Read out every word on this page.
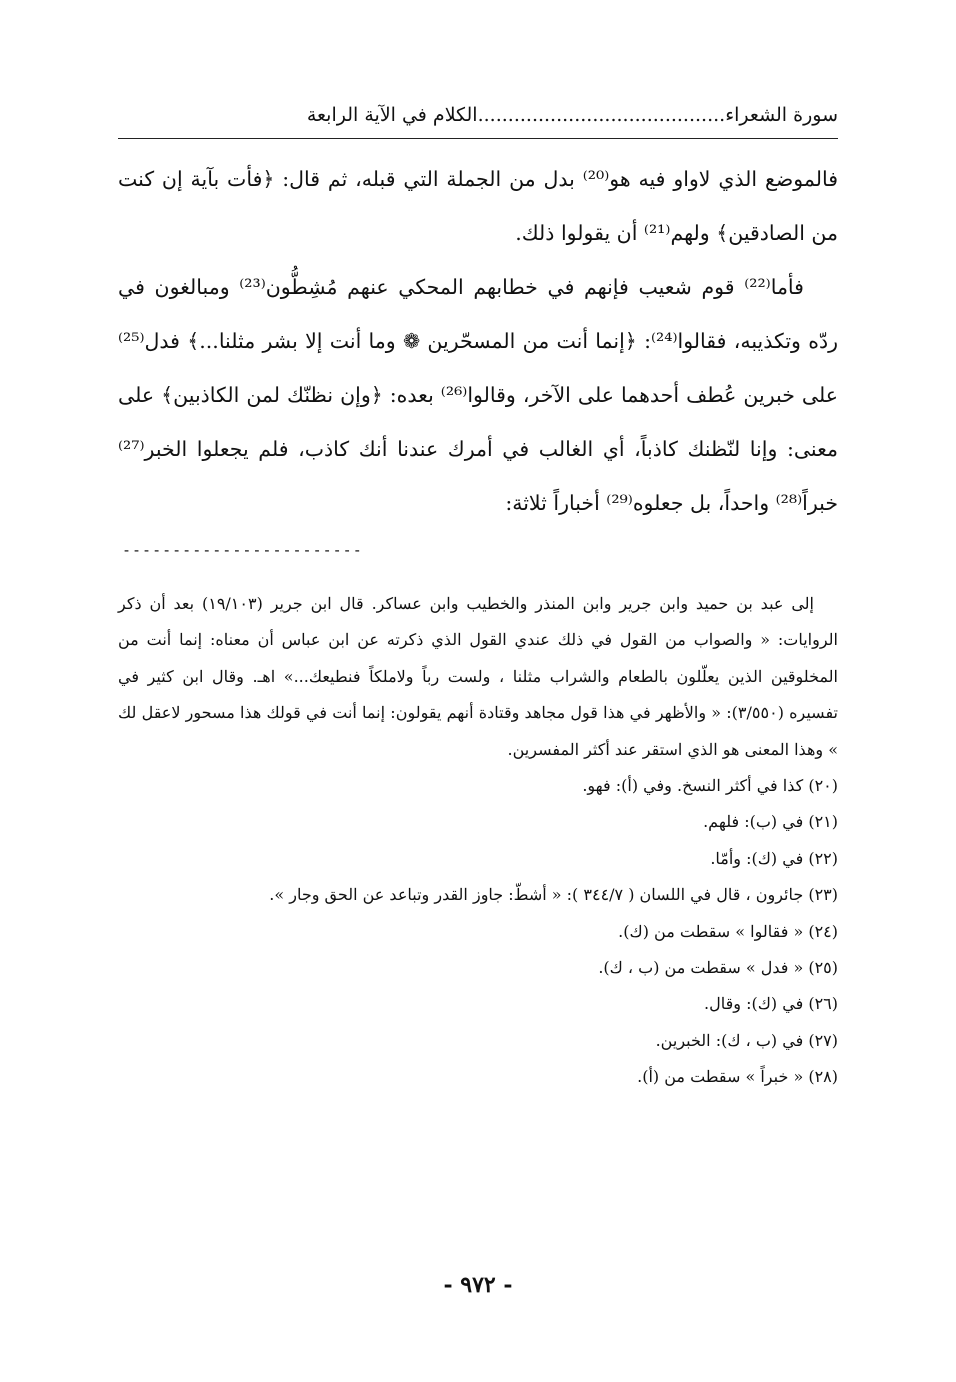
سورة الشعراء.........................................الكلام في الآية الرابعة

فالموضع الذي لاواو فيه هو⁽²⁰⁾ بدل من الجملة التي قبله، ثم قال: ﴿فأت بآية إن كنت من الصادقين﴾ ولهم⁽²¹⁾ أن يقولوا ذلك.

فأما⁽²²⁾ قوم شعيب فإنهم في خطابهم المحكي عنهم مُشِطُّون⁽²³⁾ ومبالغون في ردّه وتكذيبه، فقالوا⁽²⁴⁾: ﴿إنما أنت من المسحّرين ❁ وما أنت إلا بشر مثلنا...﴾ فدل⁽²⁵⁾ على خبرين عُطف أحدهما على الآخر، وقالوا⁽²⁶⁾ بعده: ﴿وإن نظنّك لمن الكاذبين﴾ على معنى: وإنا لنّظنك كاذباً، أي الغالب في أمرك عندنا أنك كاذب، فلم يجعلوا الخبر⁽²⁷⁾ خبراً⁽²⁸⁾ واحداً، بل جعلوه⁽²⁹⁾ أخباراً ثلاثة:

------------------------

إلى عبد بن حميد وابن جرير وابن المنذر والخطيب وابن عساكر. قال ابن جرير (١٩/١٠٣) بعد أن ذكر الروايات: « والصواب من القول في ذلك عندي القول الذي ذكرته عن ابن عباس أن معناه: إنما أنت من المخلوقين الذين يعلّلون بالطعام والشراب مثلنا ، ولست رباً ولاملكاً فنطيعك...» اهـ. وقال ابن كثير في تفسيره (٣/٥٥٠): « والأظهر في هذا قول مجاهد وقتادة أنهم يقولون: إنما أنت في قولك هذا مسحور لاعقل لك » وهذا المعنى هو الذي استقر عند أكثر المفسرين.

(٢٠) كذا في أكثر النسخ. وفي (أ): فهو.

(٢١) في (ب): فلهم.

(٢٢) في (ك): وأمّا.

(٢٣) جائرون ، قال في اللسان ( ٣٤٤/٧ ): « أشطّ: جاوز القدر وتباعد عن الحق وجار ».

(٢٤) « فقالوا » سقطت من (ك).

(٢٥) « فدل » سقطت من (ب ، ك).

(٢٦) في (ك): وقال.

(٢٧) في (ب ، ك): الخبرين.

(٢٨) « خبراً » سقطت من (أ).

- ٩٧٢ -
